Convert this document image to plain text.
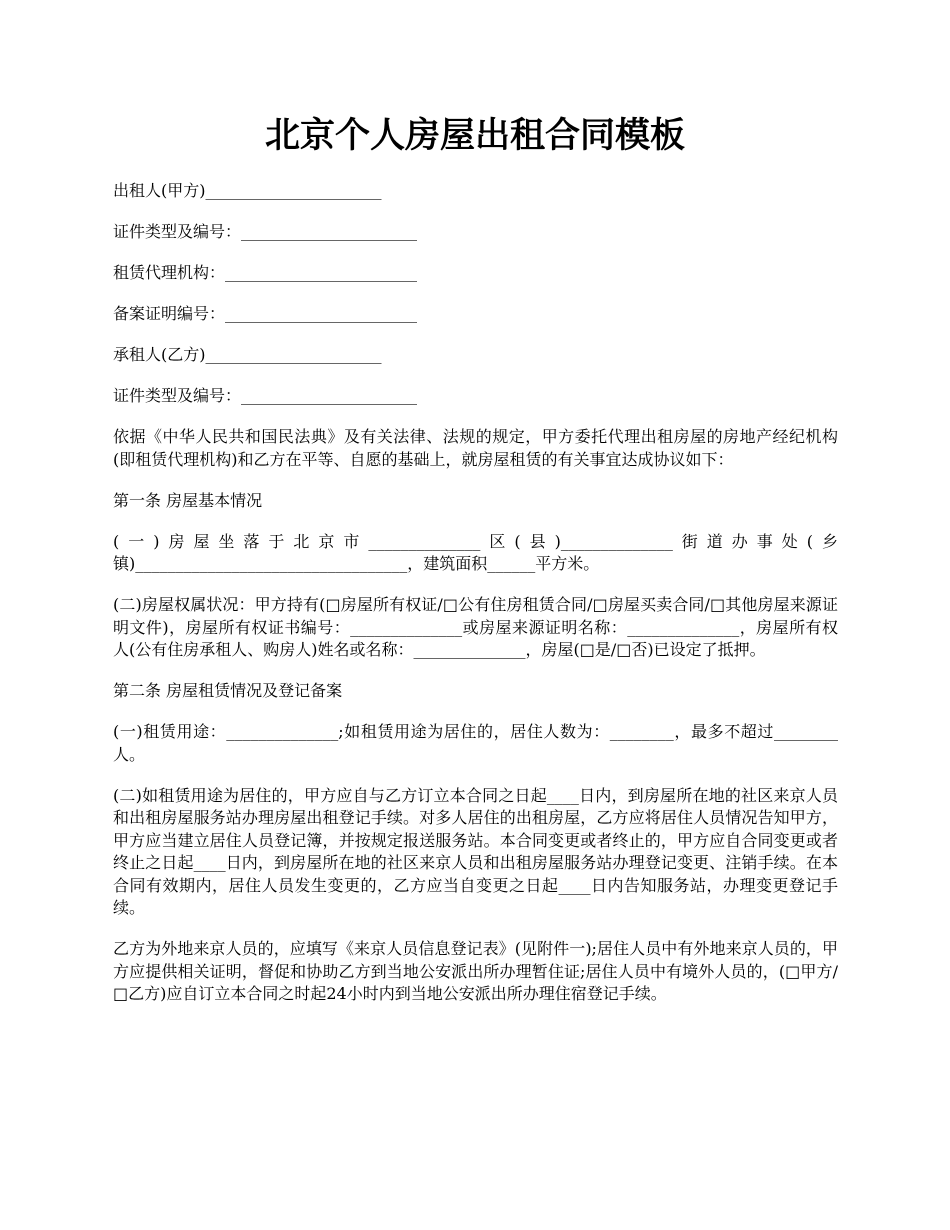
北京个人房屋出租合同模板

出租人(甲方)______________________

证件类型及编号：______________________

租赁代理机构：________________________

备案证明编号：________________________

承租人(乙方)______________________

证件类型及编号：______________________

依据《中华人民共和国民法典》及有关法律、法规的规定，甲方委托代理出租房屋的房地产经纪机构(即租赁代理机构)和乙方在平等、自愿的基础上，就房屋租赁的有关事宜达成协议如下：

第一条 房屋基本情况

(一)房屋坐落于北京市______________区(县)______________街道办事处(乡镇)__________________________________，建筑面积______平方米。

(二)房屋权属状况：甲方持有(□房屋所有权证/□公有住房租赁合同/□房屋买卖合同/□其他房屋来源证明文件)，房屋所有权证书编号：______________或房屋来源证明名称：______________，房屋所有权人(公有住房承租人、购房人)姓名或名称：______________，房屋(□是/□否)已设定了抵押。

第二条 房屋租赁情况及登记备案

(一)租赁用途：______________;如租赁用途为居住的，居住人数为：________，最多不超过________人。

(二)如租赁用途为居住的，甲方应自与乙方订立本合同之日起____日内，到房屋所在地的社区来京人员和出租房屋服务站办理房屋出租登记手续。对多人居住的出租房屋，乙方应将居住人员情况告知甲方，甲方应当建立居住人员登记簿，并按规定报送服务站。本合同变更或者终止的，甲方应自合同变更或者终止之日起____日内，到房屋所在地的社区来京人员和出租房屋服务站办理登记变更、注销手续。在本合同有效期内，居住人员发生变更的，乙方应当自变更之日起____日内告知服务站，办理变更登记手续。

乙方为外地来京人员的，应填写《来京人员信息登记表》(见附件一);居住人员中有外地来京人员的，甲方应提供相关证明，督促和协助乙方到当地公安派出所办理暂住证;居住人员中有境外人员的，(□甲方/□乙方)应自订立本合同之时起24小时内到当地公安派出所办理住宿登记手续。
